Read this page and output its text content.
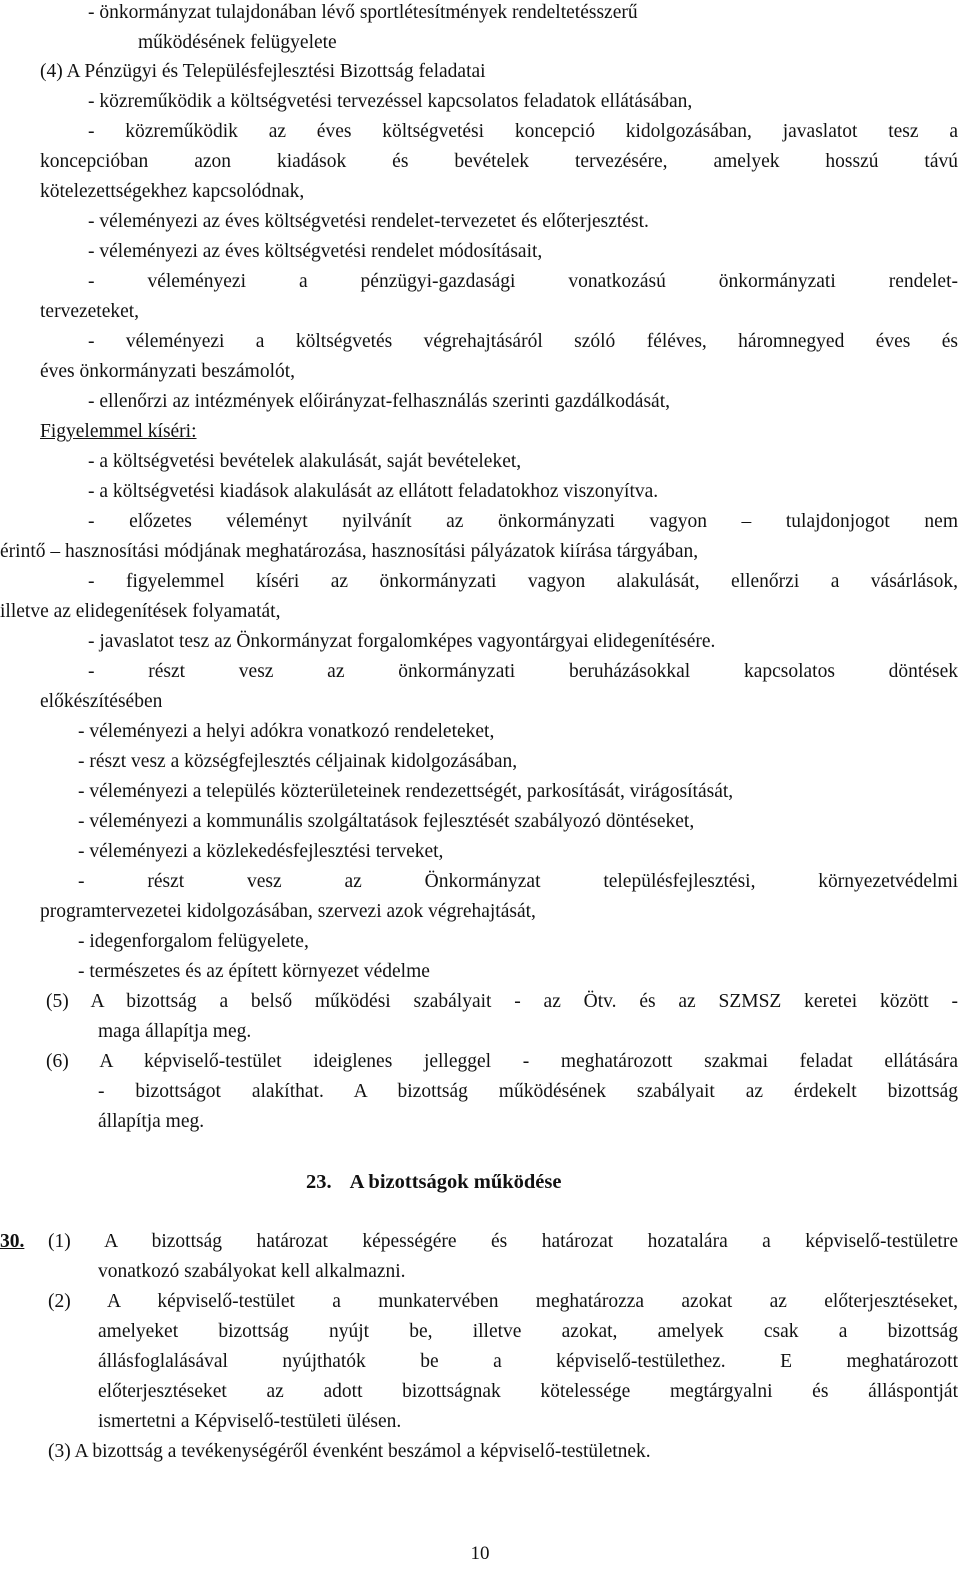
- önkormányzat tulajdonában lévő sportlétesítmények rendeltetésszerű
működésének felügyelete
(4) A Pénzügyi és Településfejlesztési Bizottság feladatai
- közreműködik a költségvetési tervezéssel kapcsolatos feladatok ellátásában,
- közreműködik az éves költségvetési koncepció kidolgozásában, javaslatot tesz a
koncepcióban azon kiadások és bevételek tervezésére, amelyek hosszú távú
kötelezettségekhez kapcsolódnak,
- véleményezi az éves költségvetési rendelet-tervezetet és előterjesztést.
- véleményezi az éves költségvetési rendelet módosításait,
- véleményezi a pénzügyi-gazdasági vonatkozású önkormányzati rendelet-
tervezeteket,
- véleményezi a költségvetés végrehajtásáról szóló féléves, háromnegyed éves és
éves önkormányzati beszámolót,
- ellenőrzi az intézmények előirányzat-felhasználás szerinti gazdálkodását,
Figyelemmel kíséri:
- a költségvetési bevételek alakulását, saját bevételeket,
- a költségvetési kiadások alakulását az ellátott feladatokhoz viszonyítva.
- előzetes véleményt nyilvánít az önkormányzati vagyon – tulajdonjogot nem
érintő – hasznosítási módjának meghatározása, hasznosítási pályázatok kiírása tárgyában,
- figyelemmel kíséri az önkormányzati vagyon alakulását, ellenőrzi a vásárlások,
illetve az elidegenítések folyamatát,
- javaslatot tesz az Önkormányzat forgalomképes vagyontárgyai elidegenítésére.
- részt vesz az önkormányzati beruházásokkal kapcsolatos döntések
előkészítésében
- véleményezi a helyi adókra vonatkozó rendeleteket,
- részt vesz a községfejlesztés céljainak kidolgozásában,
- véleményezi a település közterületeinek rendezettségét, parkosítását, virágosítását,
- véleményezi a kommunális szolgáltatások fejlesztését szabályozó döntéseket,
- véleményezi a közlekedésfejlesztési terveket,
- részt vesz az Önkormányzat településfejlesztési, környezetvédelmi
programtervezetei kidolgozásában, szervezi azok végrehajtását,
- idegenforgalom felügyelete,
- természetes és az épített környezet védelme
(5) A bizottság a belső működési szabályait - az Ötv. és az SZMSZ keretei között -
maga állapítja meg.
(6) A képviselő-testület ideiglenes jelleggel - meghatározott szakmai feladat ellátására
- bizottságot alakíthat. A bizottság működésének szabályait az érdekelt bizottság
állapítja meg.
23. A bizottságok működése
30. (1) A bizottság határozat képességére és határozat hozatalára a képviselő-testületre
vonatkozó szabályokat kell alkalmazni.
(2) A képviselő-testület a munkatervében meghatározza azokat az előterjesztéseket,
amelyeket bizottság nyújt be, illetve azokat, amelyek csak a bizottság
állásfoglalásával nyújthatók be a képviselő-testülethez. E meghatározott
előterjesztéseket az adott bizottságnak kötelessége megtárgyalni és álláspontját
ismertetni a Képviselő-testületi ülésen.
(3) A bizottság a tevékenységéről évenként beszámol a képviselő-testületnek.
10
